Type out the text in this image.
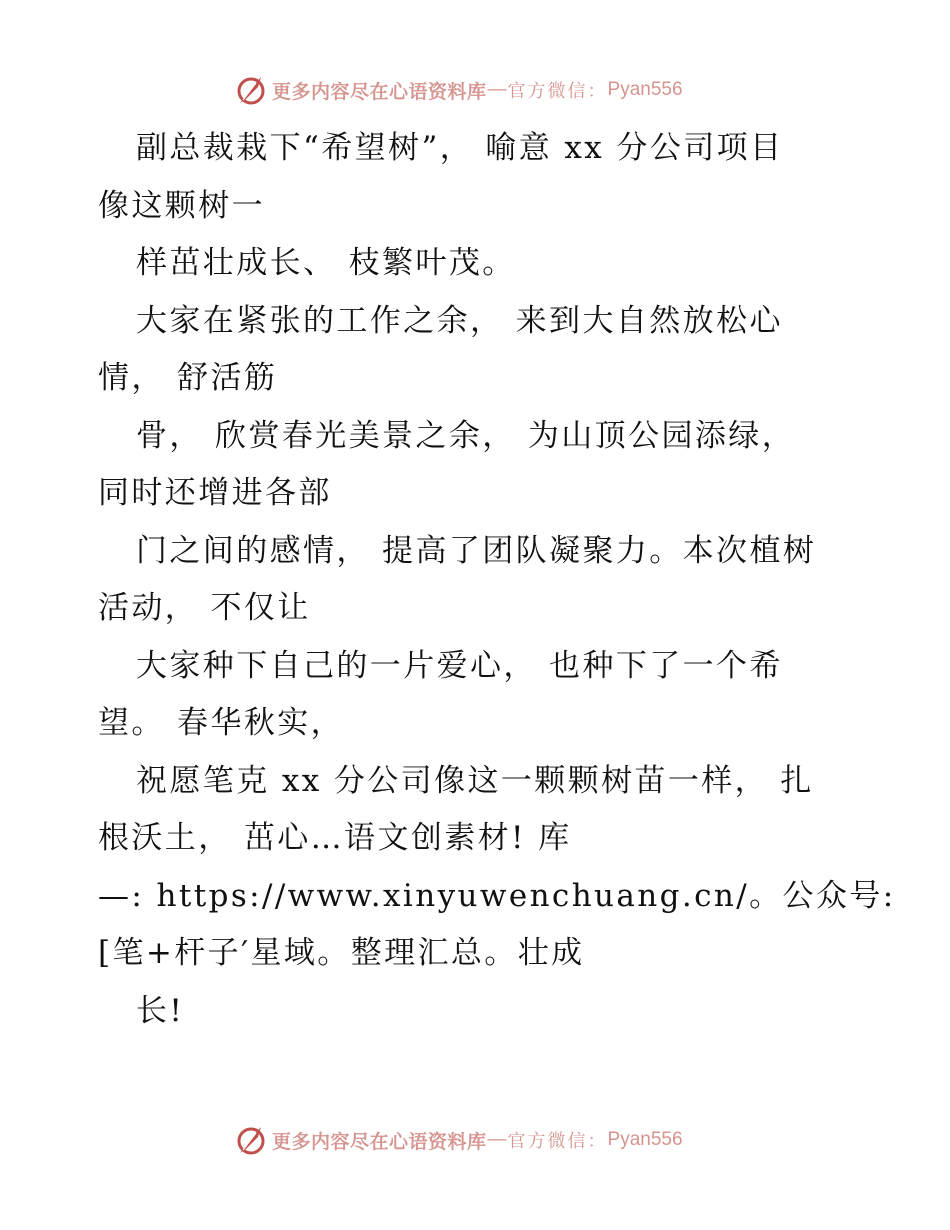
更多内容尽在心语资料库 — 官方微信： Pyan556
副总裁栽下“希望树”， 喻意 xx 分公司项目
像这颗树一
样茁壮成长、 枝繁叶茂。
大家在紧张的工作之余， 来到大自然放松心
情， 舒活筋
骨， 欣赏春光美景之余， 为山顶公园添绿，
同时还增进各部
门之间的感情， 提高了团队凝聚力。本次植树
活动， 不仅让
大家种下自己的一片爱心， 也种下了一个希
望。 春华秋实，
祝愿笔克 xx 分公司像这一颗颗树苗一样， 扎
根沃土， 茁心…语文创素材! 库
—: https://www.xinyuwenchuang.cn/。公众号:
[笔+杆子′星域。整理汇总。壮成
长!
更多内容尽在心语资料库 — 官方微信： Pyan556
